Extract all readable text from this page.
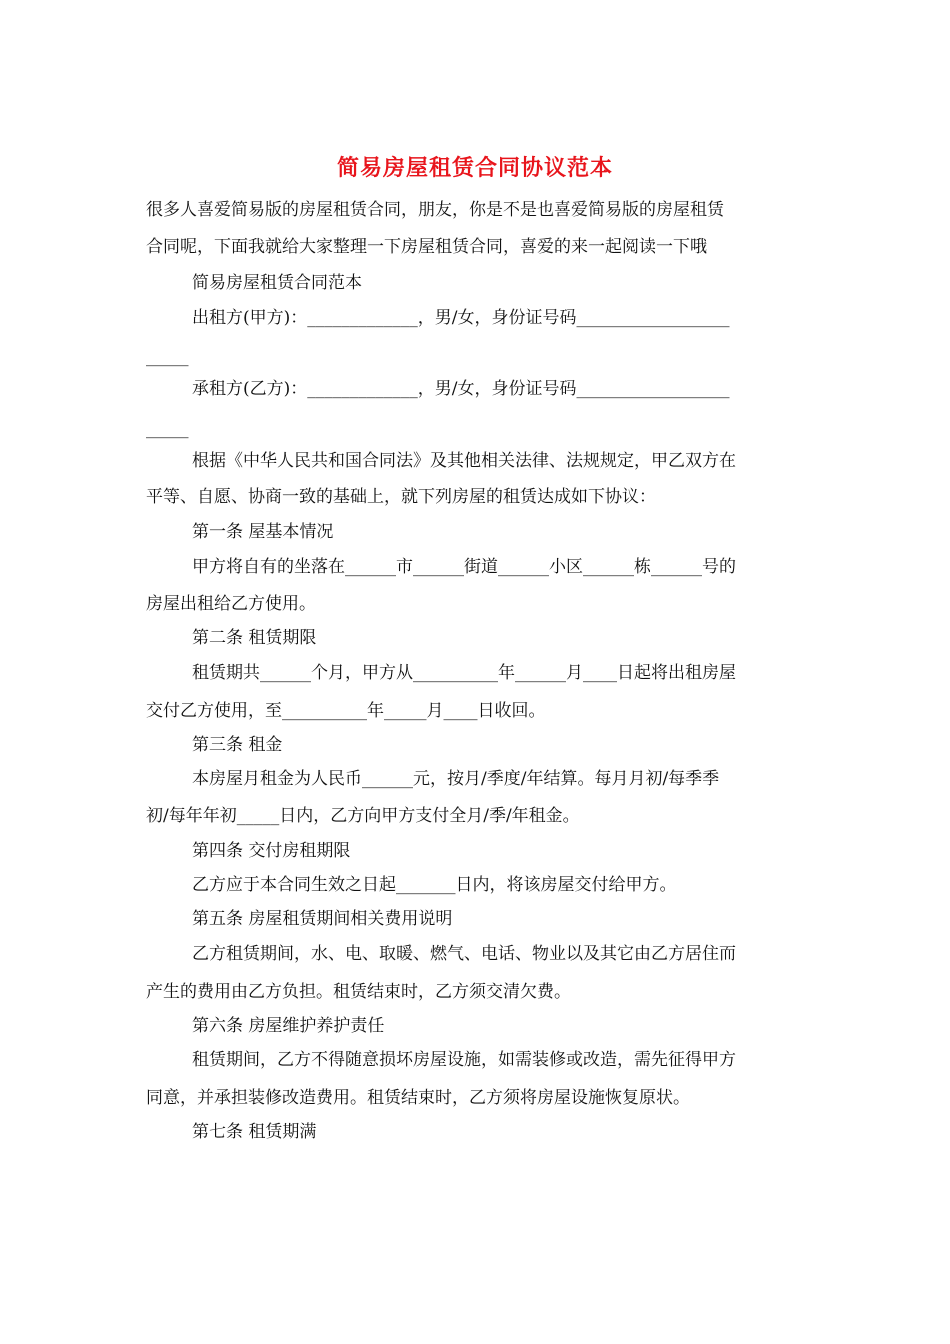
简易房屋租赁合同协议范本
很多人喜爱简易版的房屋租赁合同，朋友，你是不是也喜爱简易版的房屋租赁
合同呢，下面我就给大家整理一下房屋租赁合同，喜爱的来一起阅读一下哦
简易房屋租赁合同范本
出租方(甲方)：_____________，男/女，身份证号码__________________
_____
承租方(乙方)：_____________，男/女，身份证号码__________________
_____
根据《中华人民共和国合同法》及其他相关法律、法规规定，甲乙双方在
平等、自愿、协商一致的基础上，就下列房屋的租赁达成如下协议：
第一条 屋基本情况
甲方将自有的坐落在______市______街道______小区______栋______号的
房屋出租给乙方使用。
第二条 租赁期限
租赁期共______个月，甲方从__________年______月____日起将出租房屋
交付乙方使用，至__________年_____月____日收回。
第三条 租金
本房屋月租金为人民币______元，按月/季度/年结算。每月月初/每季季
初/每年年初_____日内，乙方向甲方支付全月/季/年租金。
第四条 交付房租期限
乙方应于本合同生效之日起_______日内，将该房屋交付给甲方。
第五条 房屋租赁期间相关费用说明
乙方租赁期间，水、电、取暖、燃气、电话、物业以及其它由乙方居住而
产生的费用由乙方负担。租赁结束时，乙方须交清欠费。
第六条 房屋维护养护责任
租赁期间，乙方不得随意损坏房屋设施，如需装修或改造，需先征得甲方
同意，并承担装修改造费用。租赁结束时，乙方须将房屋设施恢复原状。
第七条 租赁期满
